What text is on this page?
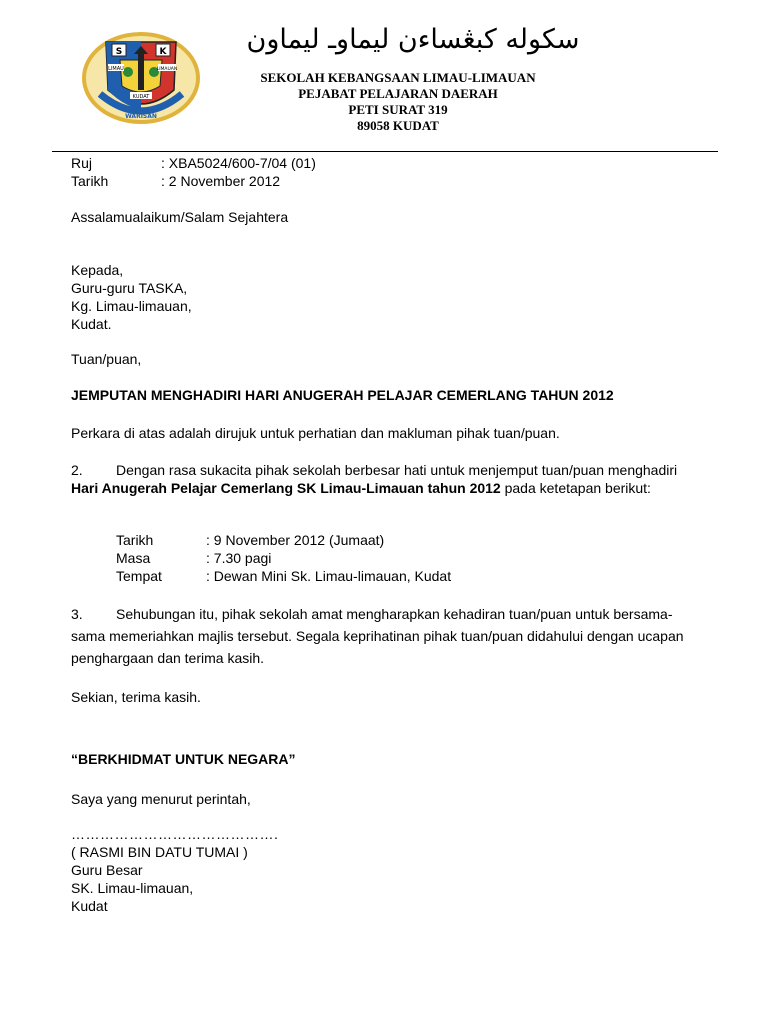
S	K
LIMAU	LIMAUAN
KUDAT
WARISAN
سكوله كبڠساءن ليماوـ ليماون
SEKOLAH KEBANGSAAN LIMAU-LIMAUAN
PEJABAT PELAJARAN DAERAH
PETI SURAT 319
89058 KUDAT
Ruj	: XBA5024/600-7/04 (01)
Tarikh	: 2 November 2012
Assalamualaikum/Salam Sejahtera
Kepada,
Guru-guru TASKA,
Kg. Limau-limauan,
Kudat.
Tuan/puan,
JEMPUTAN MENGHADIRI HARI ANUGERAH PELAJAR CEMERLANG TAHUN 2012
Perkara di atas adalah dirujuk untuk perhatian dan makluman pihak tuan/puan.

2. Dengan rasa sukacita pihak sekolah berbesar hati untuk menjemput tuan/puan menghadiri Hari Anugerah Pelajar Cemerlang SK Limau-Limauan tahun 2012 pada ketetapan berikut:

Tarikh	: 9 November 2012 (Jumaat)
Masa	: 7.30 pagi
Tempat	: Dewan Mini Sk. Limau-limauan, Kudat

3. Sehubungan itu, pihak sekolah amat mengharapkan kehadiran tuan/puan untuk bersama-sama memeriahkan majlis tersebut. Segala keprihatinan pihak tuan/puan didahului dengan ucapan penghargaan dan terima kasih.

Sekian, terima kasih.
“BERKHIDMAT UNTUK NEGARA”
Saya yang menurut perintah,
…………………………………….
( RASMI BIN DATU TUMAI )
Guru Besar
SK. Limau-limauan,
Kudat
